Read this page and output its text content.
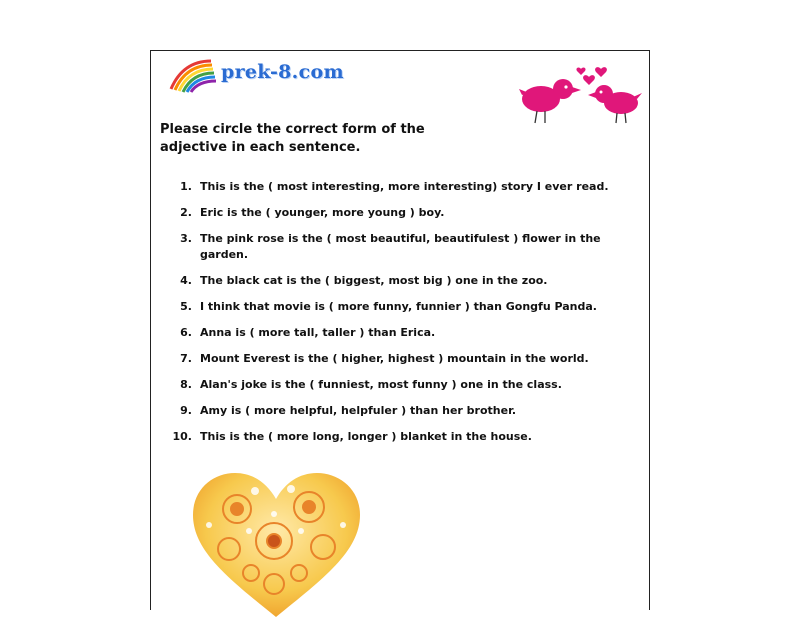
prek-8.com
Please circle the correct form of the adjective in each sentence.
1. This is the ( most interesting, more interesting) story I ever read.
2. Eric is the ( younger, more young ) boy.
3. The pink rose is the ( most beautiful, beautifulest ) flower in the garden.
4. The black cat is the ( biggest, most big ) one in the zoo.
5. I think that movie is ( more funny, funnier ) than Gongfu Panda.
6. Anna is ( more tall, taller ) than Erica.
7. Mount Everest is the ( higher, highest ) mountain in the world.
8. Alan's joke is the ( funniest, most funny ) one in the class.
9. Amy is ( more helpful, helpfuler ) than her brother.
10. This is the ( more long, longer ) blanket in the house.
